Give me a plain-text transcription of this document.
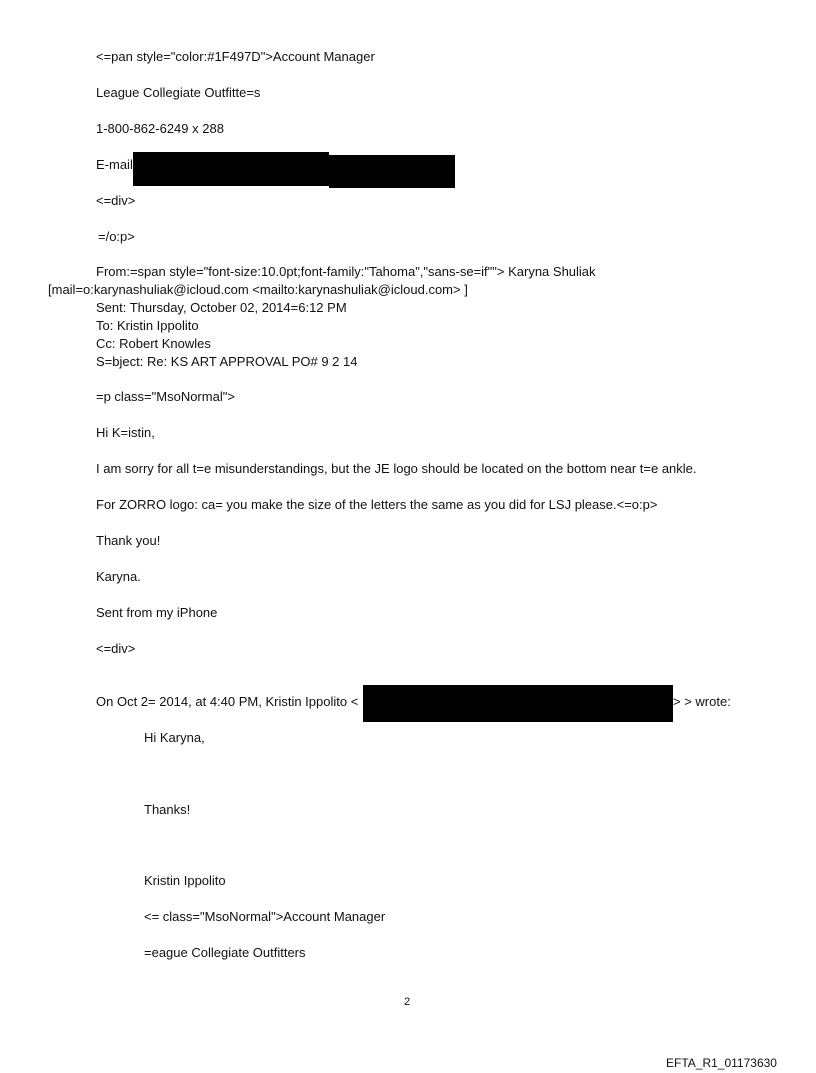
<=pan style="color:#1F497D">Account Manager
League Collegiate Outfitte=s
1-800-862-6249 x 288
E-mail
<=div>
=/o:p>
From:=span style="font-size:10.0pt;font-family:"Tahoma","sans-se=if""> Karyna Shuliak
[mail=o:karynashuliak@icloud.com <mailto:karynashuliak@icloud.com> ]
Sent: Thursday, October 02, 2014=6:12 PM
To: Kristin Ippolito
Cc: Robert Knowles
S=bject: Re: KS ART APPROVAL PO# 9 2 14
=p class="MsoNormal">
Hi K=istin,
I am sorry for all t=e misunderstandings, but the JE logo should be located on the bottom near t=e ankle.
For ZORRO logo: ca= you make the size of the letters the same as you did for LSJ please.<=o:p>
Thank you!
Karyna.
Sent from my iPhone
<=div>
On Oct 2= 2014, at 4:40 PM, Kristin Ippolito <	> > wrote:
Hi Karyna,
Thanks!
Kristin Ippolito
<= class="MsoNormal">Account Manager
=eague Collegiate Outfitters
2
EFTA_R1_01173630
